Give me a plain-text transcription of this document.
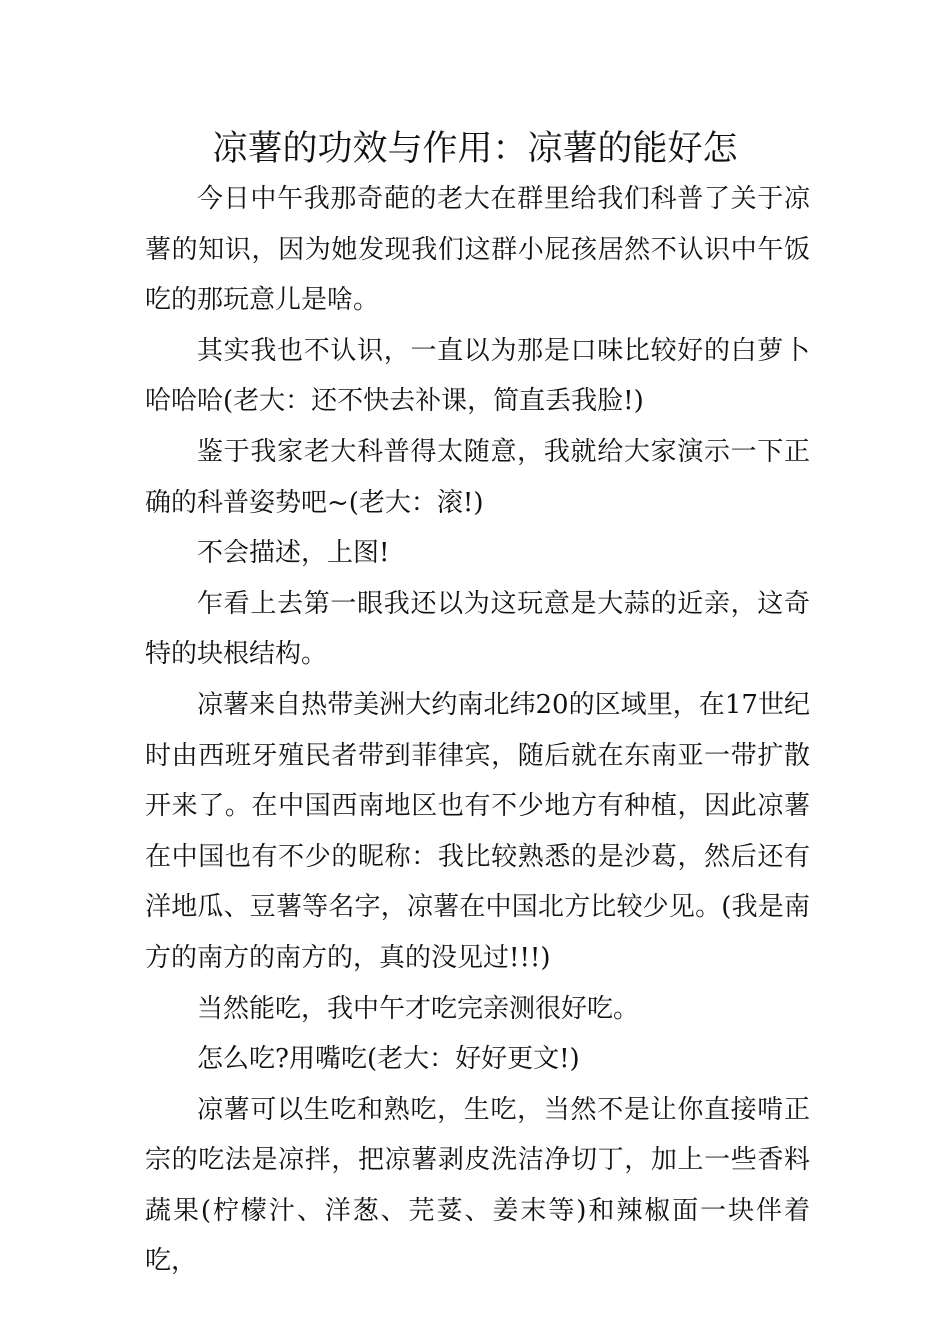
凉薯的功效与作用：凉薯的能好怎

今日中午我那奇葩的老大在群里给我们科普了关于凉薯的知识，因为她发现我们这群小屁孩居然不认识中午饭吃的那玩意儿是啥。

其实我也不认识，一直以为那是口味比较好的白萝卜哈哈哈(老大：还不快去补课，简直丢我脸!)

鉴于我家老大科普得太随意，我就给大家演示一下正确的科普姿势吧~(老大：滚!)

不会描述，上图!

乍看上去第一眼我还以为这玩意是大蒜的近亲，这奇特的块根结构。

凉薯来自热带美洲大约南北纬20的区域里，在17世纪时由西班牙殖民者带到菲律宾，随后就在东南亚一带扩散开来了。在中国西南地区也有不少地方有种植，因此凉薯在中国也有不少的昵称：我比较熟悉的是沙葛，然后还有洋地瓜、豆薯等名字，凉薯在中国北方比较少见。(我是南方的南方的南方的，真的没见过!!!)

当然能吃，我中午才吃完亲测很好吃。

怎么吃?用嘴吃(老大：好好更文!)

凉薯可以生吃和熟吃，生吃，当然不是让你直接啃正宗的吃法是凉拌，把凉薯剥皮洗洁净切丁，加上一些香料蔬果(柠檬汁、洋葱、芫荽、姜末等)和辣椒面一块伴着吃，
